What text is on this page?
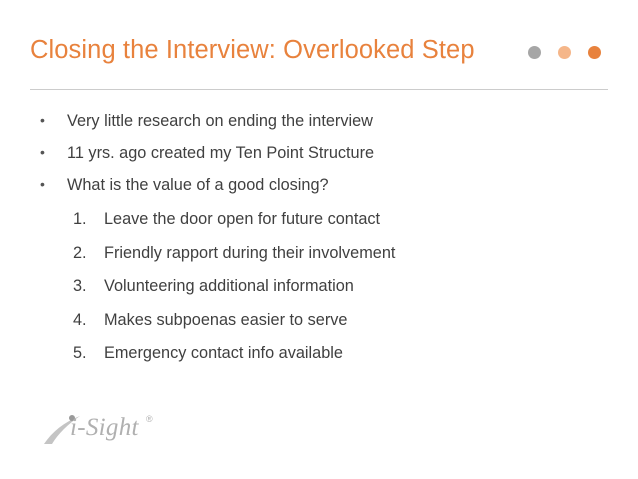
Closing the Interview: Overlooked Step
• Very little research on ending the interview
• 11 yrs. ago created my Ten Point Structure
• What is the value of a good closing?
1. Leave the door open for future contact
2. Friendly rapport during their involvement
3. Volunteering additional information
4. Makes subpoenas easier to serve
5. Emergency contact info available
i-Sight ®
